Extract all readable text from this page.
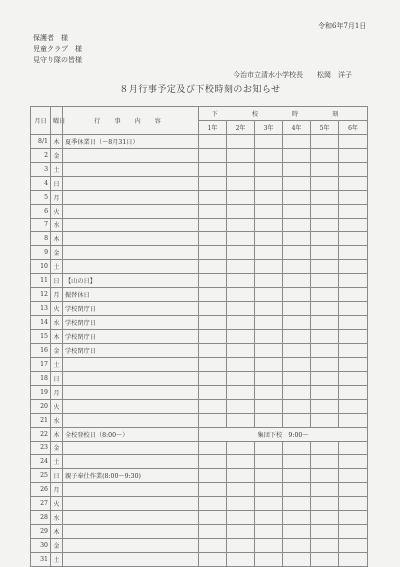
令和6年7月1日
保護者　様
児童クラブ　様
見守り隊の皆様
今治市立清水小学校長　　松岡　洋子
８月行事予定及び下校時刻のお知らせ
月日	曜日	行 事 内 容	下 校 時 刻					
			1年	2年	3年	4年	5年	6年
8/1	木	夏季休業日（～8月31日）						
2	金							
3	土							
4	日							
5	月							
6	火							
7	水							
8	木							
9	金							
10	土							
11	日	【山の日】						
12	月	振替休日						
13	火	学校閉庁日						
14	水	学校閉庁日						
15	木	学校閉庁日						
16	金	学校閉庁日						
17	土							
18	日							
19	月							
20	火							
21	水							
22	木	全校登校日（8:00～）	集団下校　9:00～					
23	金							
24	土							
25	日	親子奉仕作業(8:00～9:30)						
26	月							
27	火							
28	水							
29	木							
30	金							
31	土							
